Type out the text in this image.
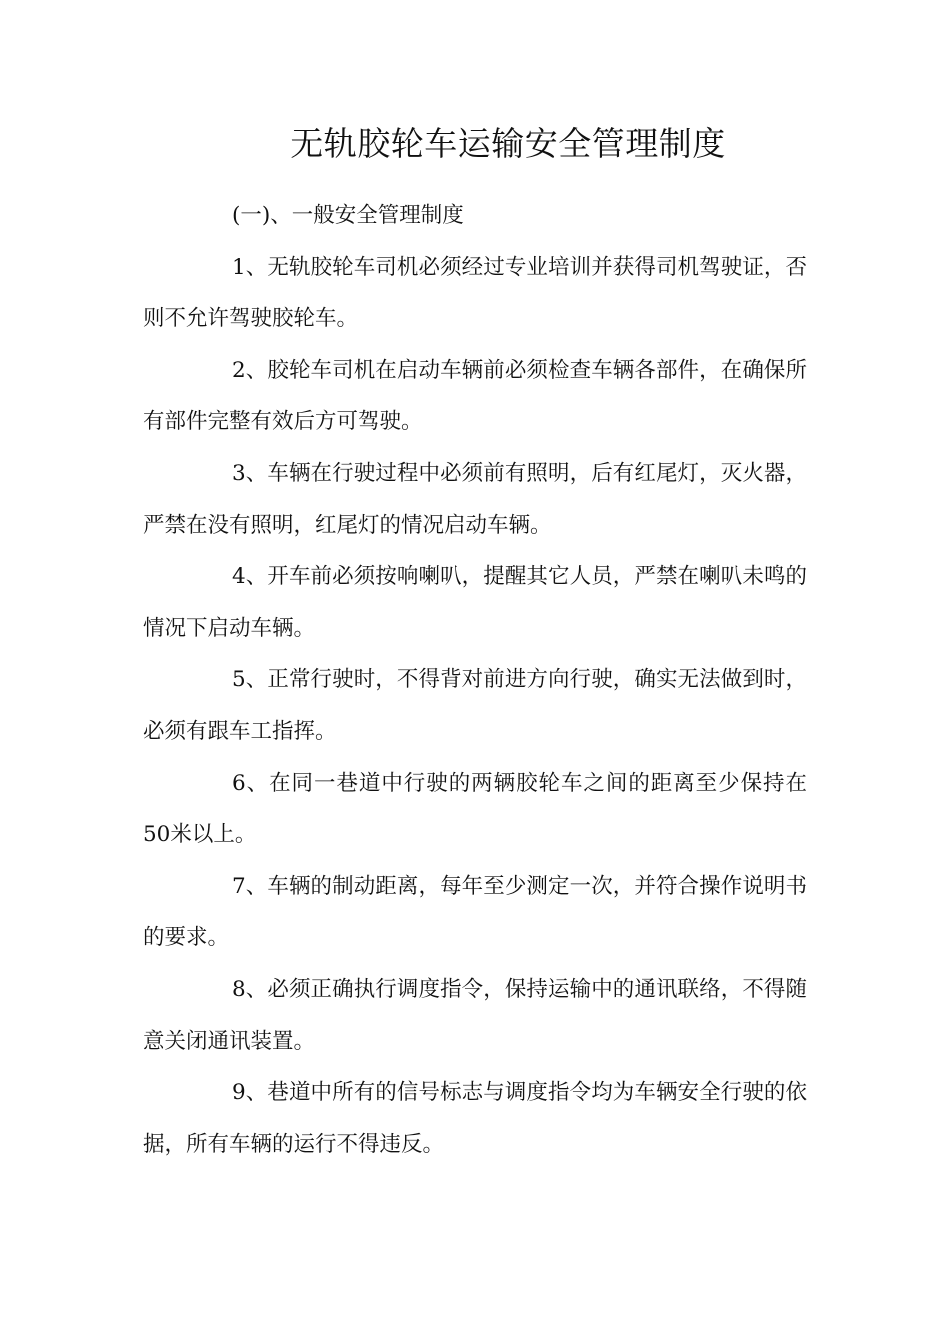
无轨胶轮车运输安全管理制度

(一)、一般安全管理制度

1、无轨胶轮车司机必须经过专业培训并获得司机驾驶证，否则不允许驾驶胶轮车。

2、胶轮车司机在启动车辆前必须检查车辆各部件，在确保所有部件完整有效后方可驾驶。

3、车辆在行驶过程中必须前有照明，后有红尾灯，灭火器，严禁在没有照明，红尾灯的情况启动车辆。

4、开车前必须按响喇叭，提醒其它人员，严禁在喇叭未鸣的情况下启动车辆。

5、正常行驶时，不得背对前进方向行驶，确实无法做到时，必须有跟车工指挥。

6、在同一巷道中行驶的两辆胶轮车之间的距离至少保持在50米以上。

7、车辆的制动距离，每年至少测定一次，并符合操作说明书的要求。

8、必须正确执行调度指令，保持运输中的通讯联络，不得随意关闭通讯装置。

9、巷道中所有的信号标志与调度指令均为车辆安全行驶的依据，所有车辆的运行不得违反。
